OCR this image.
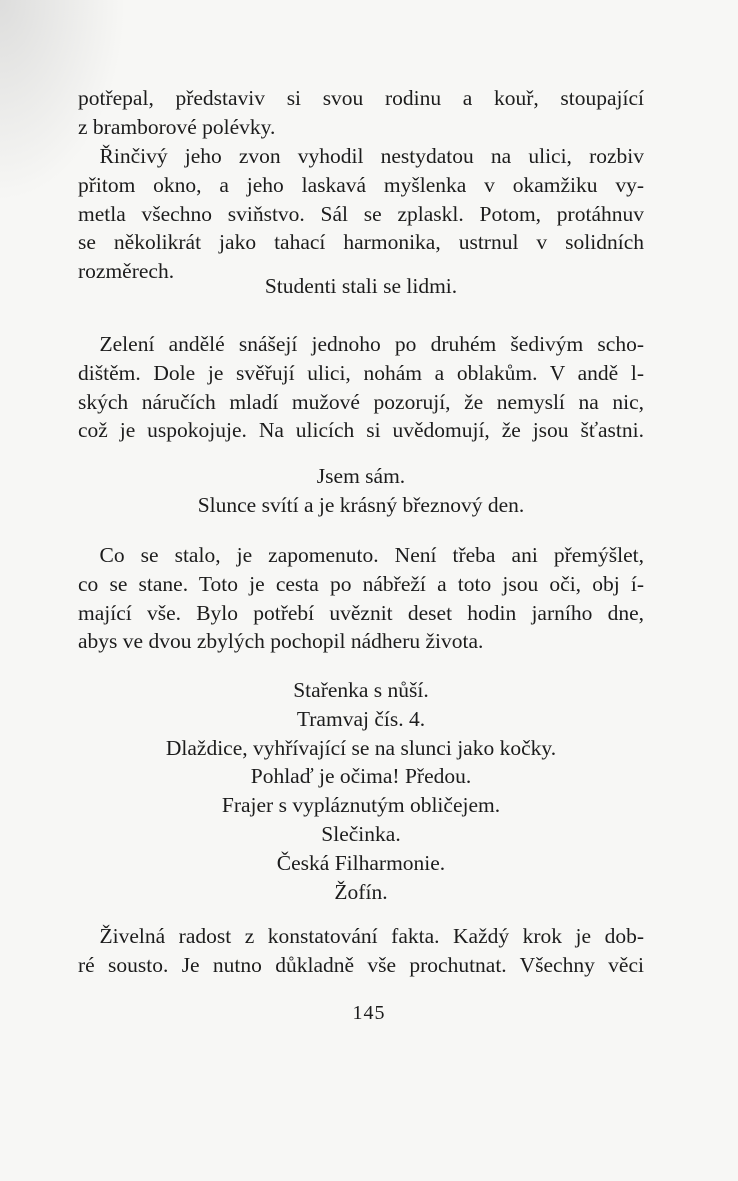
potřepal, představiv si svou rodinu a kouř, stoupající
z bramborové polévky.
 Řinčivý jeho zvon vyhodil nestydatou na ulici, rozbiv
přitom okno, a jeho laskavá myšlenka v okamžiku vy-
metla všechno sviňstvo. Sál se zplaskl. Potom, protáhnuv
se několikrát jako tahací harmonika, ustrnul v solidních
rozměrech.
Studenti stali se lidmi.
 Zelení andělé snášejí jednoho po druhém šedivým scho-
dištěm. Dole je svěřují ulici, nohám a oblakům. V andě l-
ských náručích mladí mužové pozorují, že nemyslí na nic,
což je uspokojuje. Na ulicích si uvědomují, že jsou šťastni.
Jsem sám.
Slunce svítí a je krásný březnový den.
 Co se stalo, je zapomenuto. Není třeba ani přemýšlet,
co se stane. Toto je cesta po nábřeží a toto jsou oči, obj í-
mající vše. Bylo potřebí uvěznit deset hodin jarního dne,
abys ve dvou zbylých pochopil nádheru života.
Stařenka s nůší.
Tramvaj čís. 4.
Dlaždice, vyhřívající se na slunci jako kočky.
Pohlaď je očima! Předou.
Frajer s vypláznutým obličejem.
Slečinka.
Česká Filharmonie.
Žofín.
 Živelná radost z konstatování fakta. Každý krok je dob-
ré sousto. Je nutno důkladně vše prochutnat. Všechny věci
145
